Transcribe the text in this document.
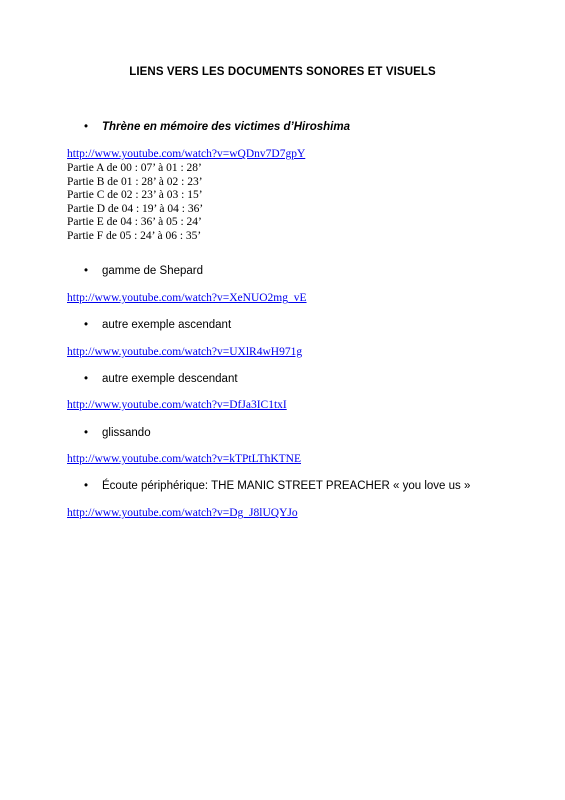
LIENS VERS LES DOCUMENTS SONORES ET VISUELS
• Thrène en mémoire des victimes d’Hiroshima
http://www.youtube.com/watch?v=wQDnv7D7gpY
Partie A de 00 : 07’ à 01 : 28’
Partie B de 01 : 28’ à 02 : 23’
Partie C de 02 : 23’ à 03 : 15’
Partie D de 04 : 19’ à 04 : 36’
Partie E de 04 : 36’ à 05 : 24’
Partie F de 05 : 24’ à 06 : 35’
• gamme de Shepard
http://www.youtube.com/watch?v=XeNUO2mg_vE
• autre exemple ascendant
http://www.youtube.com/watch?v=UXlR4wH971g
• autre exemple descendant
http://www.youtube.com/watch?v=DfJa3IC1txI
• glissando
http://www.youtube.com/watch?v=kTPtLThKTNE
• Écoute périphérique: THE MANIC STREET PREACHER « you love us »
http://www.youtube.com/watch?v=Dg_J8lUQYJo
